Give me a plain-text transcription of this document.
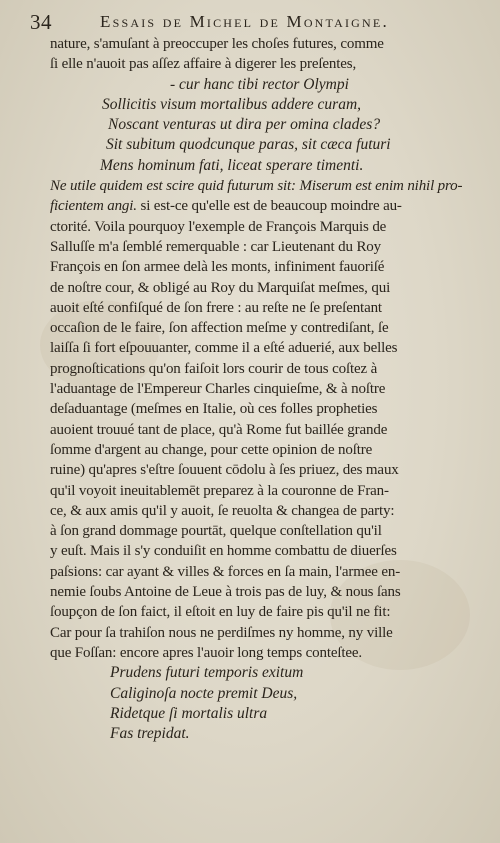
34	Essais de Michel de Montaigne.
nature, s'amuſant à preoccuper les choſes futures, comme
ſi elle n'auoit pas aſſez affaire à digerer les preſentes,
- cur hanc tibi rector Olympi
Sollicitis visum mortalibus addere curam,
Noscant venturas ut dira per omina clades?
Sit subitum quodcunque paras, sit cæca futuri
Mens hominum fati, liceat sperare timenti.
Ne utile quidem est scire quid futurum sit: Miserum est enim nihil pro-
ficientem angi. si est-ce qu'elle est de beaucoup moindre au-
ctorité. Voila pourquoy l'exemple de François Marquis de
Salluſſe m'a ſemblé remerquable : car Lieutenant du Roy
François en ſon armee delà les monts, infiniment fauoriſé
de noſtre cour, & obligé au Roy du Marquiſat meſmes, qui
auoit eſté confiſqué de ſon frere : au reſte ne ſe preſentant
occaſion de le faire, ſon affection meſme y contrediſant, ſe
laiſſa ſi fort eſpouuanter, comme il a eſté aduerié, aux belles
prognoſtications qu'on faiſoit lors courir de tous coſtez à
l'aduantage de l'Empereur Charles cinquieſme, & à noſtre
deſaduantage (meſmes en Italie, où ces folles propheties
auoient trouué tant de place, qu'à Rome fut baillée grande
ſomme d'argent au change, pour cette opinion de noſtre
ruine) qu'apres s'eſtre ſouuent cōdolu à ſes priuez, des maux
qu'il voyoit ineuitablemēt preparez à la couronne de Fran-
ce, & aux amis qu'il y auoit, ſe reuolta & changea de party:
à ſon grand dommage pourtāt, quelque conſtellation qu'il
y euſt. Mais il s'y conduiſit en homme combattu de diuerſes
paſsions: car ayant & villes & forces en ſa main, l'armee en-
nemie ſoubs Antoine de Leue à trois pas de luy, & nous ſans
ſoupçon de ſon faict, il eſtoit en luy de faire pis qu'il ne fit:
Car pour ſa trahiſon nous ne perdiſmes ny homme, ny ville
que Foſſan: encore apres l'auoir long temps conteſtee.
Prudens futuri temporis exitum
Caliginoſa nocte premit Deus,
Ridetque ſi mortalis ultra
Fas trepidat.
